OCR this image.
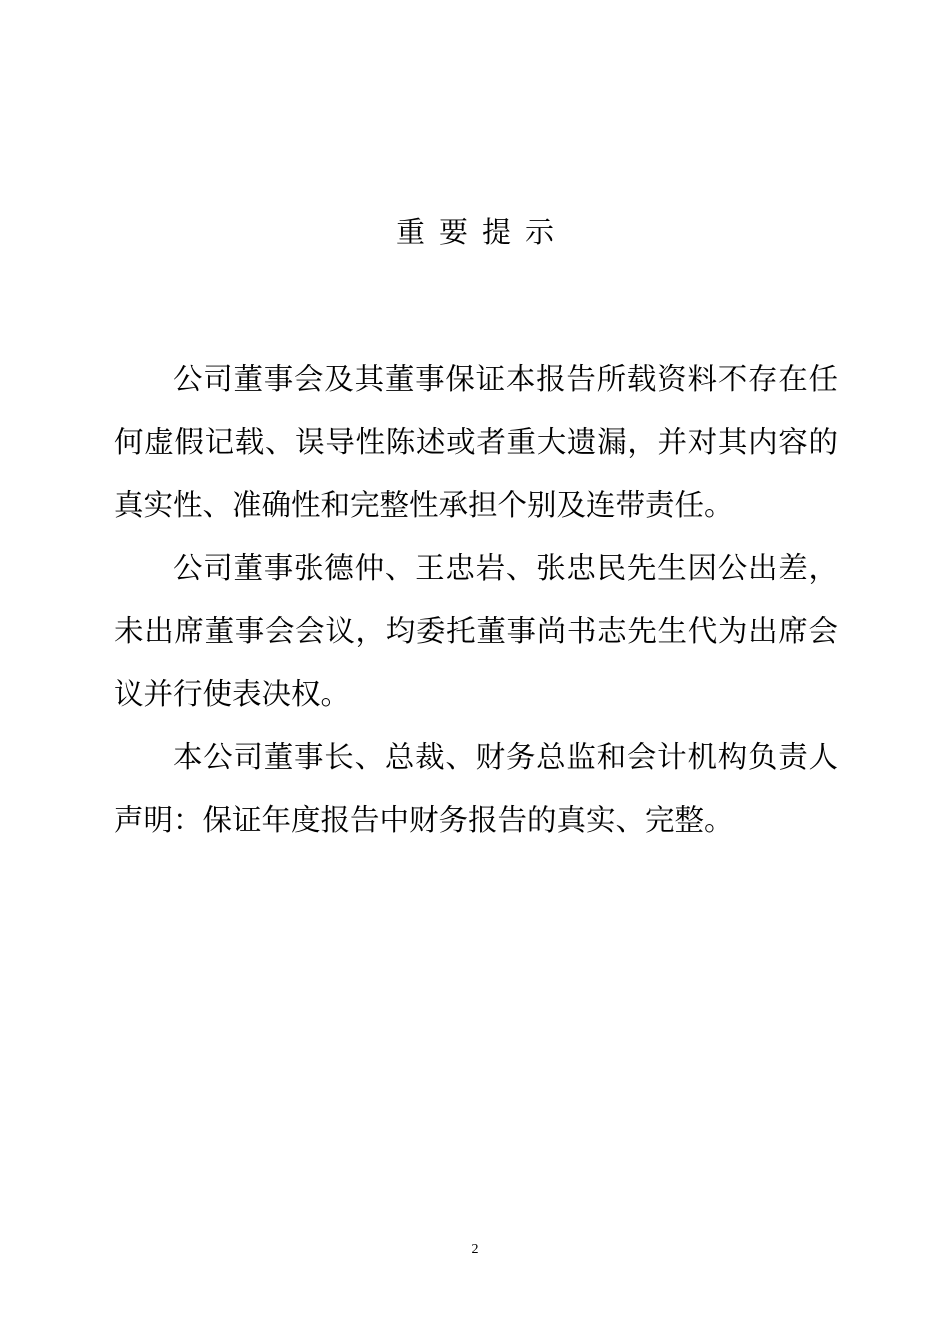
重要提示

公司董事会及其董事保证本报告所载资料不存在任何虚假记载、误导性陈述或者重大遗漏，并对其内容的真实性、准确性和完整性承担个别及连带责任。

公司董事张德仲、王忠岩、张忠民先生因公出差，未出席董事会会议，均委托董事尚书志先生代为出席会议并行使表决权。

本公司董事长、总裁、财务总监和会计机构负责人声明：保证年度报告中财务报告的真实、完整。

2
